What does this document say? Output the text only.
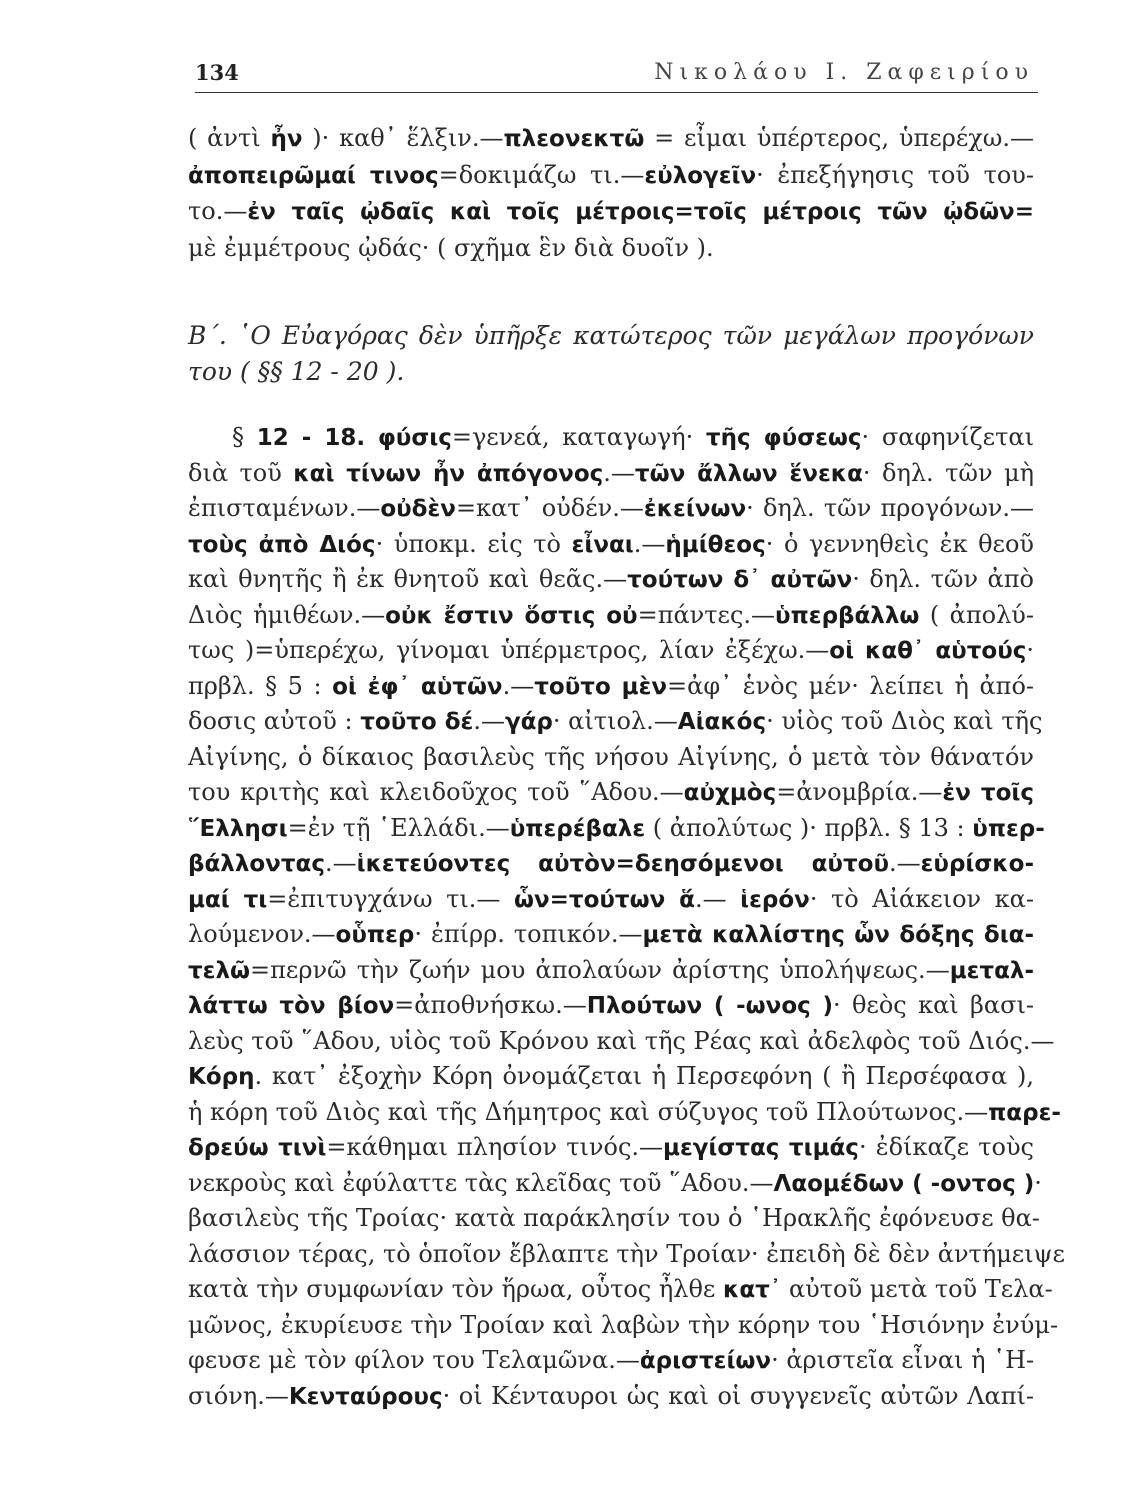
134	Νικολάου Ι. Ζαφειρίου
( ἀντὶ ἦν )· καθ᾿ ἕλξιν.—πλεονεκτῶ = εἶμαι ὑπέρτερος, ὑπερέχω.—
ἀποπειρῶμαί τινος=δοκιμάζω τι.—εὐλογεῖν· ἐπεξήγησις τοῦ του-
το.—ἐν ταῖς ᾠδαῖς καὶ τοῖς μέτροις=τοῖς μέτροις τῶν ᾠδῶν=
μὲ ἐμμέτρους ᾠδάς· ( σχῆμα ἓν διὰ δυοῖν ).
Β΄. ῾Ο Εὐαγόρας δὲν ὑπῆρξε κατώτερος τῶν μεγάλων προγόνων
του ( §§ 12 - 20 ).
§ 12 - 18. φύσις=γενεά, καταγωγή· τῆς φύσεως· σαφηνίζεται
διὰ τοῦ καὶ τίνων ἦν ἀπόγονος.—τῶν ἄλλων ἕνεκα· δηλ. τῶν μὴ
ἐπισταμένων.—οὐδὲν=κατ᾿ οὐδέν.—ἐκείνων· δηλ. τῶν προγόνων.—
τοὺς ἀπὸ Διός· ὑποκμ. εἰς τὸ εἶναι.—ἡμίθεος· ὁ γεννηθεὶς ἐκ θεοῦ
καὶ θνητῆς ἢ ἐκ θνητοῦ καὶ θεᾶς.—τούτων δ᾿ αὐτῶν· δηλ. τῶν ἀπὸ
Διὸς ἡμιθέων.—οὐκ ἔστιν ὅστις οὐ=πάντες.—ὑπερβάλλω ( ἀπολύ-
τως )=ὑπερέχω, γίνομαι ὑπέρμετρος, λίαν ἐξέχω.—οἱ καθ᾿ αὑτούς·
πρβλ. § 5 : οἱ ἐφ᾿ αὑτῶν.—τοῦτο μὲν=ἀφ᾿ ἑνὸς μέν· λείπει ἡ ἀπό-
δοσις αὐτοῦ : τοῦτο δέ.—γάρ· αἰτιολ.—Αἰακός· υἱὸς τοῦ Διὸς καὶ τῆς
Αἰγίνης, ὁ δίκαιος βασιλεὺς τῆς νήσου Αἰγίνης, ὁ μετὰ τὸν θάνατόν
του κριτὴς καὶ κλειδοῦχος τοῦ ῞Αδου.—αὐχμὸς=ἀνομβρία.—ἐν τοῖς
῞Ελλησι=ἐν τῇ ῾Ελλάδι.—ὑπερέβαλε ( ἀπολύτως )· πρβλ. § 13 : ὑπερ-
βάλλοντας.—ἱκετεύοντες αὐτὸν=δεησόμενοι αὐτοῦ.—εὑρίσκο-
μαί τι=ἐπιτυγχάνω τι.— ὧν=τούτων ἅ.— ἱερόν· τὸ Αἰάκειον κα-
λούμενον.—οὗπερ· ἐπίρρ. τοπικόν.—μετὰ καλλίστης ὧν δόξης δια-
τελῶ=περνῶ τὴν ζωήν μου ἀπολαύων ἀρίστης ὑπολήψεως.—μεταλ-
λάττω τὸν βίον=ἀποθνήσκω.—Πλούτων ( -ωνος )· θεὸς καὶ βασι-
λεὺς τοῦ ῞Αδου, υἱὸς τοῦ Κρόνου καὶ τῆς Ρέας καὶ ἀδελφὸς τοῦ Διός.—
Κόρη. κατ᾿ ἐξοχὴν Κόρη ὀνομάζεται ἡ Περσεφόνη ( ἢ Περσέφασα ),
ἡ κόρη τοῦ Διὸς καὶ τῆς Δήμητρος καὶ σύζυγος τοῦ Πλούτωνος.—παρε-
δρεύω τινὶ=κάθημαι πλησίον τινός.—μεγίστας τιμάς· ἐδίκαζε τοὺς
νεκροὺς καὶ ἐφύλαττε τὰς κλεῖδας τοῦ ῞Αδου.—Λαομέδων ( -οντος )·
βασιλεὺς τῆς Τροίας· κατὰ παράκλησίν του ὁ ῾Ηρακλῆς ἐφόνευσε θα-
λάσσιον τέρας, τὸ ὁποῖον ἔβλαπτε τὴν Τροίαν· ἐπειδὴ δὲ δὲν ἀντήμειψε
κατὰ τὴν συμφωνίαν τὸν ἥρωα, οὗτος ἦλθε κατ᾿ αὐτοῦ μετὰ τοῦ Τελα-
μῶνος, ἐκυρίευσε τὴν Τροίαν καὶ λαβὼν τὴν κόρην του ῾Ησιόνην ἐνύμ-
φευσε μὲ τὸν φίλον του Τελαμῶνα.—ἀριστείων· ἀριστεῖα εἶναι ἡ ῾Η-
σιόνη.—Κενταύρους· οἱ Κένταυροι ὡς καὶ οἱ συγγενεῖς αὐτῶν Λαπί-
